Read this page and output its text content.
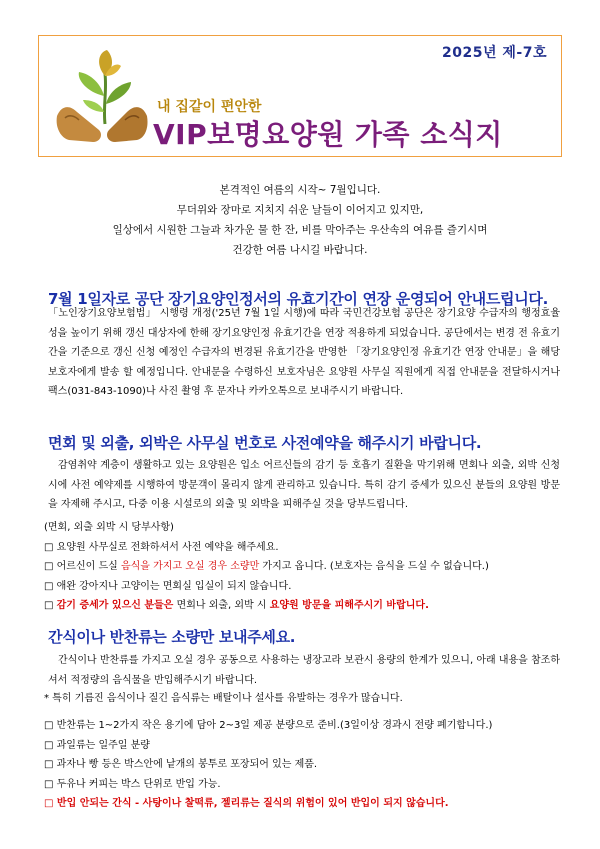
2025년 제-7호
내 집같이 편안한
VIP보명요양원 가족 소식지
본격적인 여름의 시작~ 7월입니다.
무더위와 장마로 지치지 쉬운 날들이 이어지고 있지만,
일상에서 시원한 그늘과 차가운 물 한 잔, 비를 막아주는 우산속의 여유를 즐기시며
건강한 여름 나시길 바랍니다.
7월 1일자로 공단 장기요양인정서의 유효기간이 연장 운영되어 안내드립니다.
「노인장기요양보험법」 시행령 개정('25년 7월 1일 시행)에 따라 국민건강보험 공단은 장기요양 수급자의 행정효율성을 높이기 위해 갱신 대상자에 한해 장기요양인정 유효기간을 연장 적용하게 되었습니다. 공단에서는 변경 전 유효기간을 기준으로 갱신 신청 예정인 수급자의 변경된 유효기간을 반영한 「장기요양인정 유효기간 연장 안내문」을 해당 보호자에게 발송 할 예정입니다. 안내문을 수령하신 보호자님은 요양원 사무실 직원에게 직접 안내문을 전달하시거나 팩스(031-843-1090)나 사진 촬영 후 문자나 카카오톡으로 보내주시기 바랍니다.
면회 및 외출, 외박은 사무실 번호로 사전예약을 해주시기 바랍니다.
감염취약 계층이 생활하고 있는 요양원은 입소 어르신들의 감기 등 호흡기 질환을 막기위해 면회나 외출, 외박 신청시에 사전 예약제를 시행하여 방문객이 몰리지 않게 관리하고 있습니다. 특히 감기 증세가 있으신 분들의 요양원 방문을 자제해 주시고, 다중 이용 시설로의 외출 및 외박을 피해주실 것을 당부드립니다.
(면회, 외출 외박 시 당부사항)
□ 요양원 사무실로 전화하셔서 사전 예약을 해주세요.
□ 어르신이 드실 음식을 가지고 오실 경우 소량만 가지고 옵니다. (보호자는 음식을 드실 수 없습니다.)
□ 애완 강아지나 고양이는 면회실 입실이 되지 않습니다.
□ 감기 증세가 있으신 분들은 면회나 외출, 외박 시 요양원 방문을 피해주시기 바랍니다.
간식이나 반찬류는 소량만 보내주세요.
간식이나 반찬류를 가지고 오실 경우 공동으로 사용하는 냉장고라 보관시 용량의 한계가 있으니, 아래 내용을 참조하셔서 적정량의 음식물을 반입해주시기 바랍니다.
* 특히 기름진 음식이나 질긴 음식류는 배탈이나 설사를 유발하는 경우가 많습니다.
□ 반찬류는 1~2가지 작은 용기에 담아 2~3일 제공 분량으로 준비.(3일이상 경과시 전량 폐기합니다.)
□ 과일류는 일주일 분량
□ 과자나 빵 등은 박스안에 낱개의 봉투로 포장되어 있는 제품.
□ 두유나 커피는 박스 단위로 반입 가능.
□ 반입 안되는 간식 - 사탕이나 찰떡류, 젤리류는 질식의 위험이 있어 반입이 되지 않습니다.
